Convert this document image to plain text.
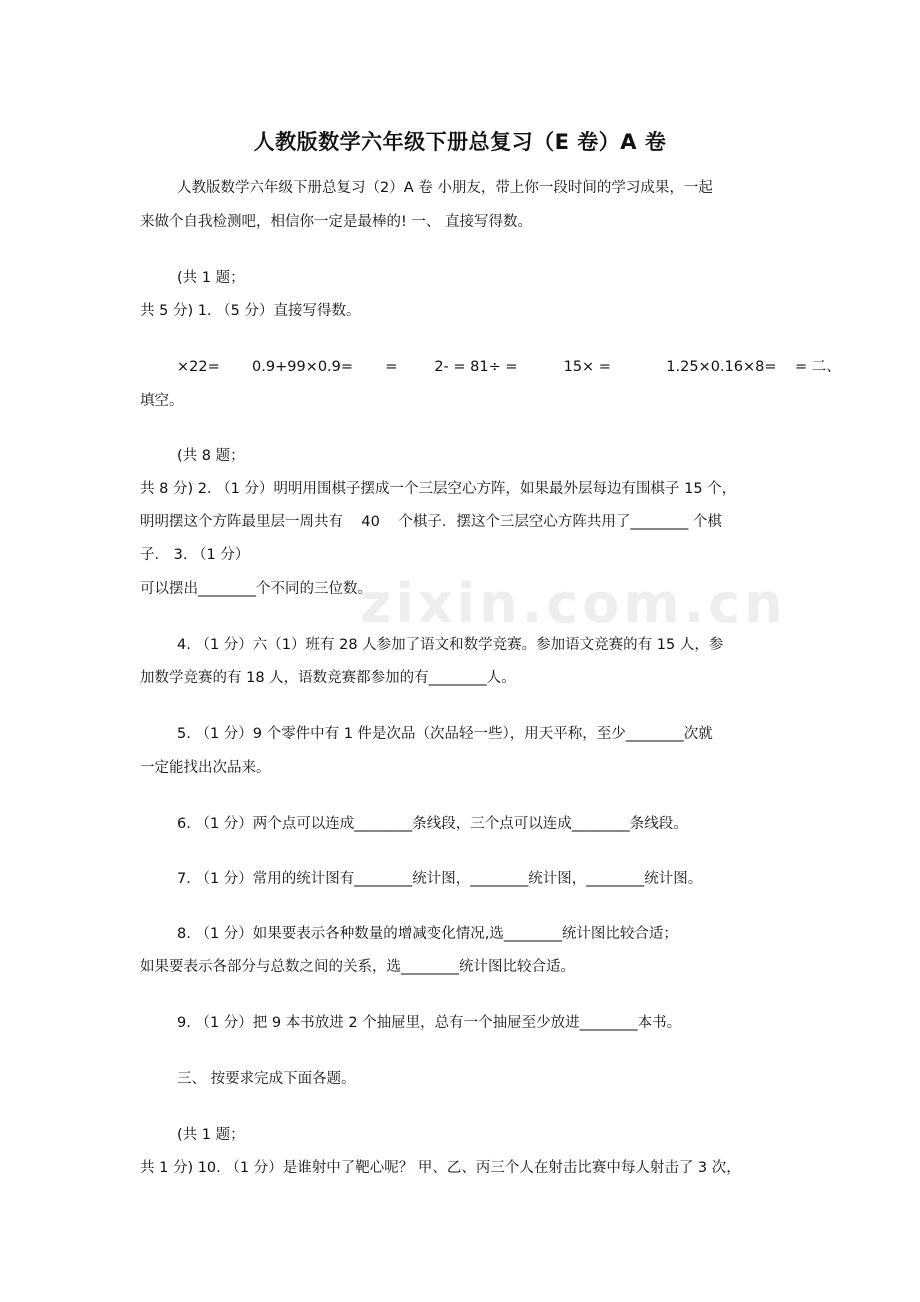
zixin.com.cn
人教版数学六年级下册总复习（E 卷）A 卷
人教版数学六年级下册总复习（2）A 卷 小朋友，带上你一段时间的学习成果，一起
来做个自我检测吧，相信你一定是最棒的! 一、 直接写得数。
(共 1 题；
共 5 分) 1. （5 分）直接写得数。
×22=       0.9+99×0.9=       =        2- = 81÷ =          15× =            1.25×0.16×8=    = 二、
填空。
(共 8 题；
共 8 分) 2. （1 分）明明用围棋子摆成一个三层空心方阵，如果最外层每边有围棋子 15 个，
明明摆这个方阵最里层一周共有    40    个棋子．摆这个三层空心方阵共用了________ 个棋
子． 3. （1 分）
可以摆出________个不同的三位数。
4. （1 分）六（1）班有 28 人参加了语文和数学竞赛。参加语文竞赛的有 15 人，参
加数学竞赛的有 18 人，语数竞赛都参加的有________人。
5. （1 分）9 个零件中有 1 件是次品（次品轻一些），用天平称，至少________次就
一定能找出次品来。
6. （1 分）两个点可以连成________条线段，三个点可以连成________条线段。
7. （1 分）常用的统计图有________统计图，________统计图，________统计图。
8. （1 分）如果要表示各种数量的增减变化情况,选________统计图比较合适；
如果要表示各部分与总数之间的关系，选________统计图比较合适。
9. （1 分）把 9 本书放进 2 个抽屉里，总有一个抽屉至少放进________本书。
三、 按要求完成下面各题。
(共 1 题；
共 1 分) 10. （1 分）是谁射中了靶心呢？ 甲、乙、丙三个人在射击比赛中每人射击了 3 次，
